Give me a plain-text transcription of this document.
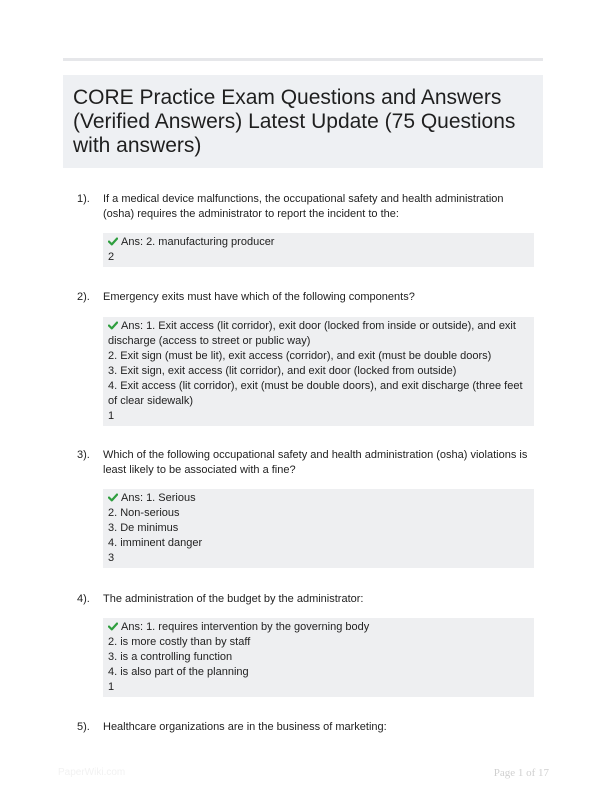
CORE Practice Exam Questions and Answers (Verified Answers) Latest Update (75 Questions with answers)
1). If a medical device malfunctions, the occupational safety and health administration (osha) requires the administrator to report the incident to the:
Ans: 2. manufacturing producer
2
2). Emergency exits must have which of the following components?
Ans: 1. Exit access (lit corridor), exit door (locked from inside or outside), and exit discharge (access to street or public way)
2. Exit sign (must be lit), exit access (corridor), and exit (must be double doors)
3. Exit sign, exit access (lit corridor), and exit door (locked from outside)
4. Exit access (lit corridor), exit (must be double doors), and exit discharge (three feet of clear sidewalk)
1
3). Which of the following occupational safety and health administration (osha) violations is least likely to be associated with a fine?
Ans: 1. Serious
2. Non-serious
3. De minimus
4. imminent danger
3
4). The administration of the budget by the administrator:
Ans: 1. requires intervention by the governing body
2. is more costly than by staff
3. is a controlling function
4. is also part of the planning
1
5). Healthcare organizations are in the business of marketing:
PaperWiki.com	Page 1 of 17
